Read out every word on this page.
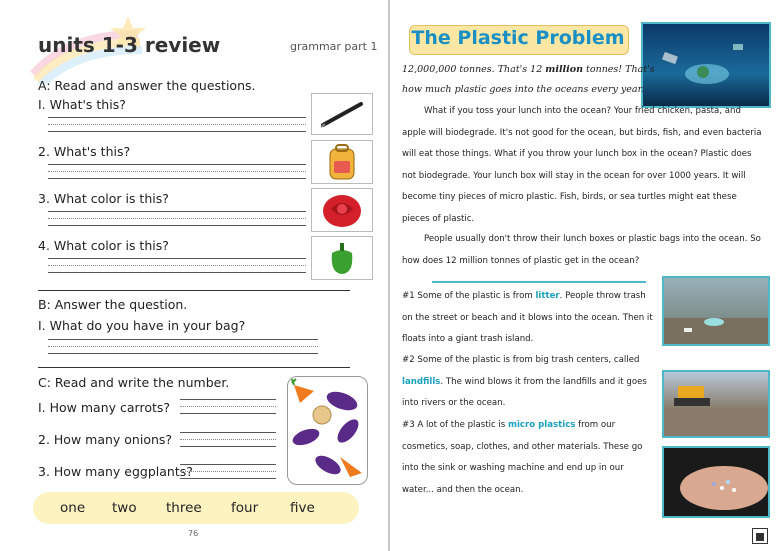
units 1-3 review	grammar part 1
A: Read and answer the questions.
I. What's this?
2. What's this?
3. What color is this?
4. What color is this?
B: Answer the question.
I. What do you have in your bag?
C: Read and write the number.
I. How many carrots?
2. How many onions?
3. How many eggplants?
one two three four five
76
The Plastic Problem
12,000,000 tonnes. That's 12 million tonnes! That's
how much plastic goes into the oceans every year.
What if you toss your lunch into the ocean? Your fried chicken, pasta, and apple will biodegrade. It's not good for the ocean, but birds, fish, and even bacteria will eat those things. What if you throw your lunch box in the ocean? Plastic does not biodegrade. Your lunch box will stay in the ocean for over 1000 years. It will become tiny pieces of micro plastic. Fish, birds, or sea turtles might eat these pieces of plastic.
People usually don't throw their lunch boxes or plastic bags into the ocean. So how does 12 million tonnes of plastic get in the ocean?
#1 Some of the plastic is from litter. People throw trash on the street or beach and it blows into the ocean. Then it floats into a giant trash island.
#2 Some of the plastic is from big trash centers, called landfills. The wind blows it from the landfills and it goes into rivers or the ocean.
#3 A lot of the plastic is micro plastics from our cosmetics, soap, clothes, and other materials. These go into the sink or washing machine and end up in our water... and then the ocean.
